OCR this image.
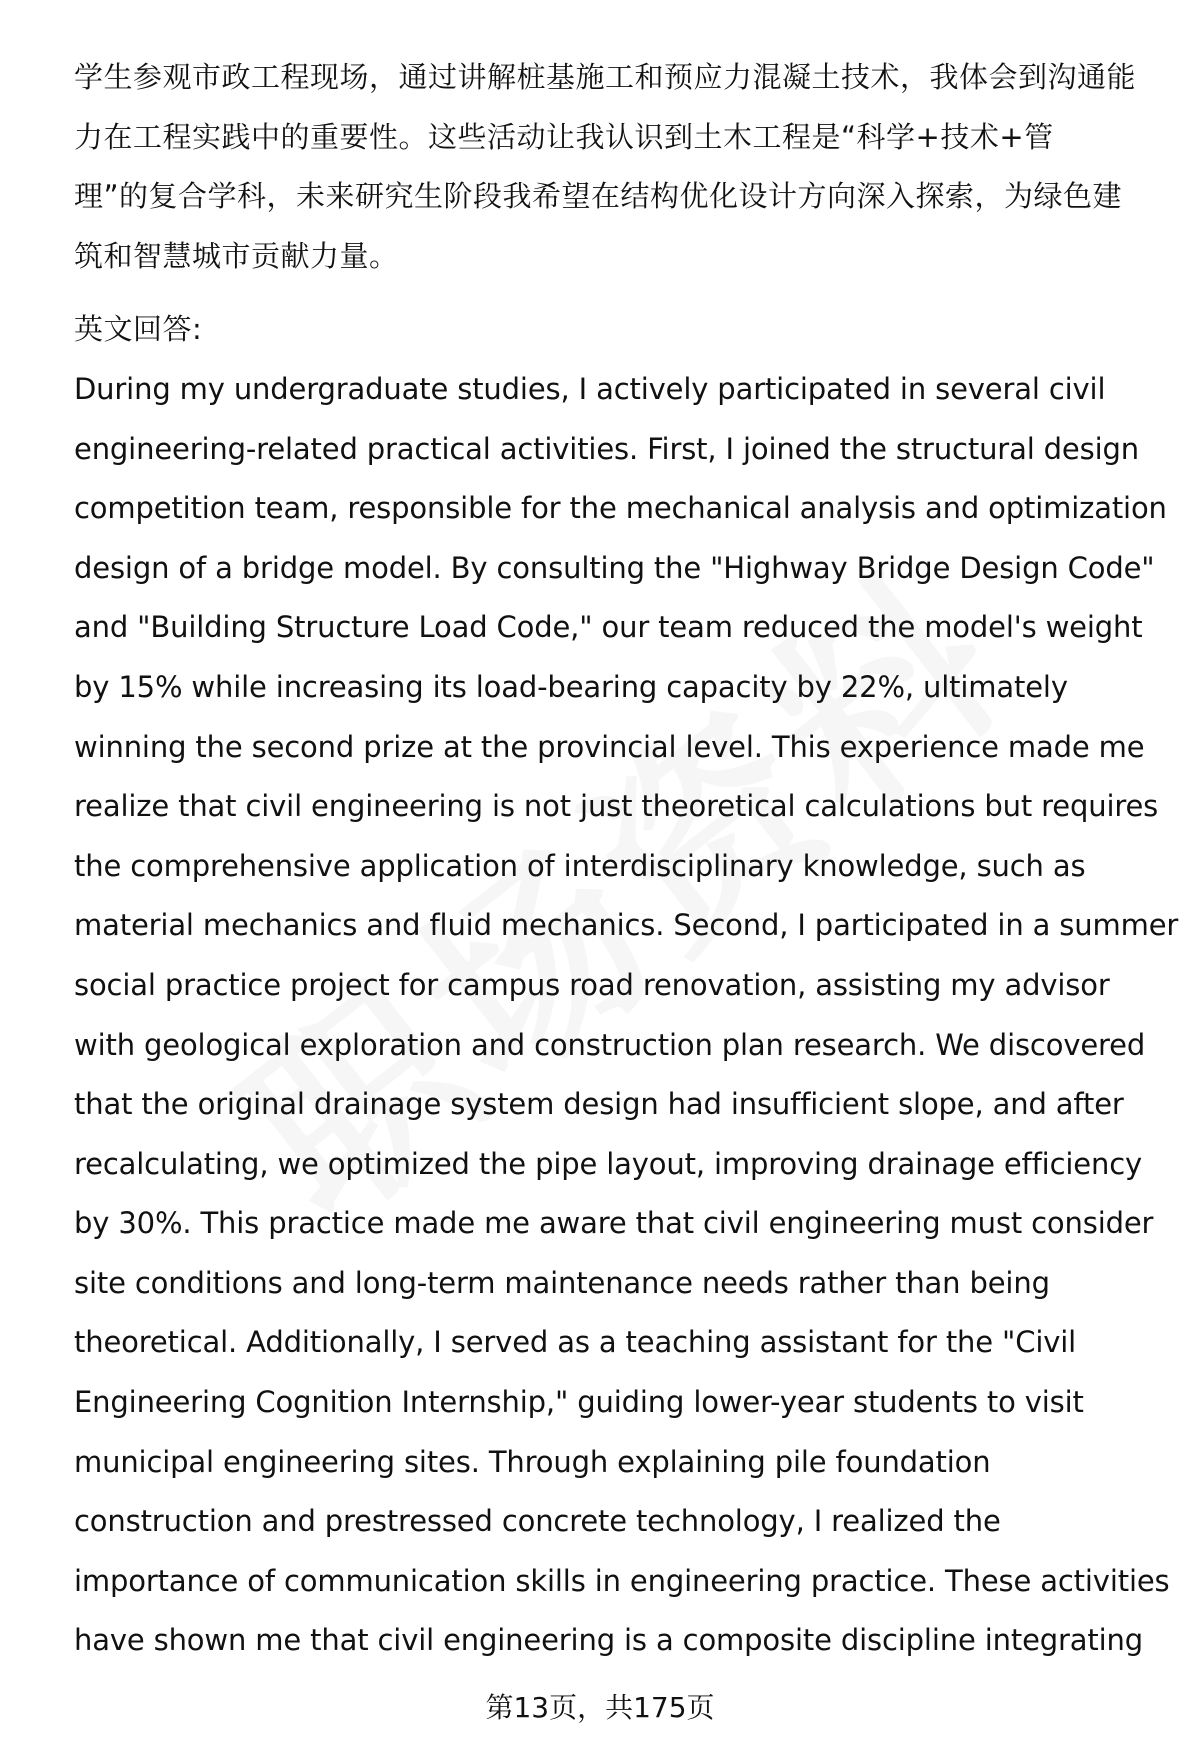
学生参观市政工程现场，通过讲解桩基施工和预应力混凝土技术，我体会到沟通能
力在工程实践中的重要性。这些活动让我认识到土木工程是“科学+技术+管
理”的复合学科，未来研究生阶段我希望在结构优化设计方向深入探索，为绿色建
筑和智慧城市贡献力量。
英文回答:
During my undergraduate studies, I actively participated in several civil
engineering-related practical activities. First, I joined the structural design
competition team, responsible for the mechanical analysis and optimization
design of a bridge model. By consulting the "Highway Bridge Design Code"
and "Building Structure Load Code," our team reduced the model's weight
by 15% while increasing its load-bearing capacity by 22%, ultimately
winning the second prize at the provincial level. This experience made me
realize that civil engineering is not just theoretical calculations but requires
the comprehensive application of interdisciplinary knowledge, such as
material mechanics and fluid mechanics. Second, I participated in a summer
social practice project for campus road renovation, assisting my advisor
with geological exploration and construction plan research. We discovered
that the original drainage system design had insufficient slope, and after
recalculating, we optimized the pipe layout, improving drainage efficiency
by 30%. This practice made me aware that civil engineering must consider
site conditions and long-term maintenance needs rather than being
theoretical. Additionally, I served as a teaching assistant for the "Civil
Engineering Cognition Internship," guiding lower-year students to visit
municipal engineering sites. Through explaining pile foundation
construction and prestressed concrete technology, I realized the
importance of communication skills in engineering practice. These activities
have shown me that civil engineering is a composite discipline integrating
第13页，共175页
